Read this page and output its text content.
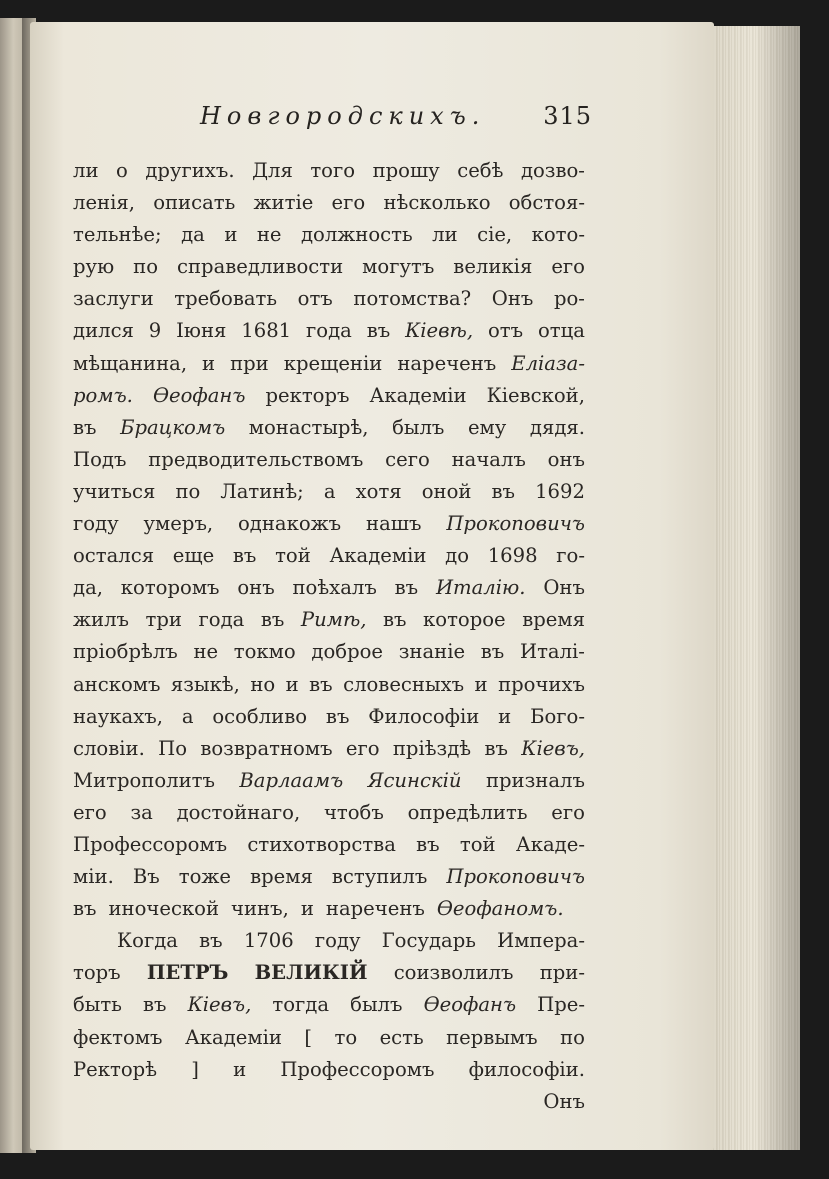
Новгородскихъ. 315
ли о другихъ. Для того прошу себѣ дозво-
ленія, описать житіе его нѣсколько обстоя-
тельнѣе; да и не должность ли сіе, кото-
рую по справедливости могутъ великія его
заслуги требовать отъ потомства? Онъ ро-
дился 9 Іюня 1681 года въ Кіевѣ, отъ отца
мѣщанина, и при крещеніи нареченъ Еліаза-
ромъ. Ѳеофанъ ректоръ Академіи Кіевской,
въ Брацкомъ монастырѣ, былъ ему дядя.
Подъ предводительствомъ сего началъ онъ
учиться по Латинѣ; а хотя оной въ 1692
году умеръ, однакожъ нашъ Прокоповичъ
остался еще въ той Академіи до 1698 го-
да, которомъ онъ поѣхалъ въ Италію. Онъ
жилъ три года въ Римѣ, въ которое время
пріобрѣлъ не токмо доброе знаніе въ Италі-
анскомъ языкѣ, но и въ словесныхъ и прочихъ
наукахъ, а особливо въ Философіи и Бого-
словіи. По возвратномъ его пріѣздѣ въ Кіевъ,
Митрополитъ Варлаамъ Ясинскій призналъ
его за достойнаго, чтобъ опредѣлить его
Профессоромъ стихотворства въ той Акаде-
міи. Въ тоже время вступилъ Прокоповичъ
въ иноческой чинъ, и нареченъ Ѳеофаномъ.
Когда въ 1706 году Государь Импера-
торъ ПЕТРЪ ВЕЛИКІЙ соизволилъ при-
быть въ Кіевъ, тогда былъ Ѳеофанъ Пре-
фектомъ Академіи [ то есть первымъ по
Ректорѣ ] и Профессоромъ философіи.
Онъ
